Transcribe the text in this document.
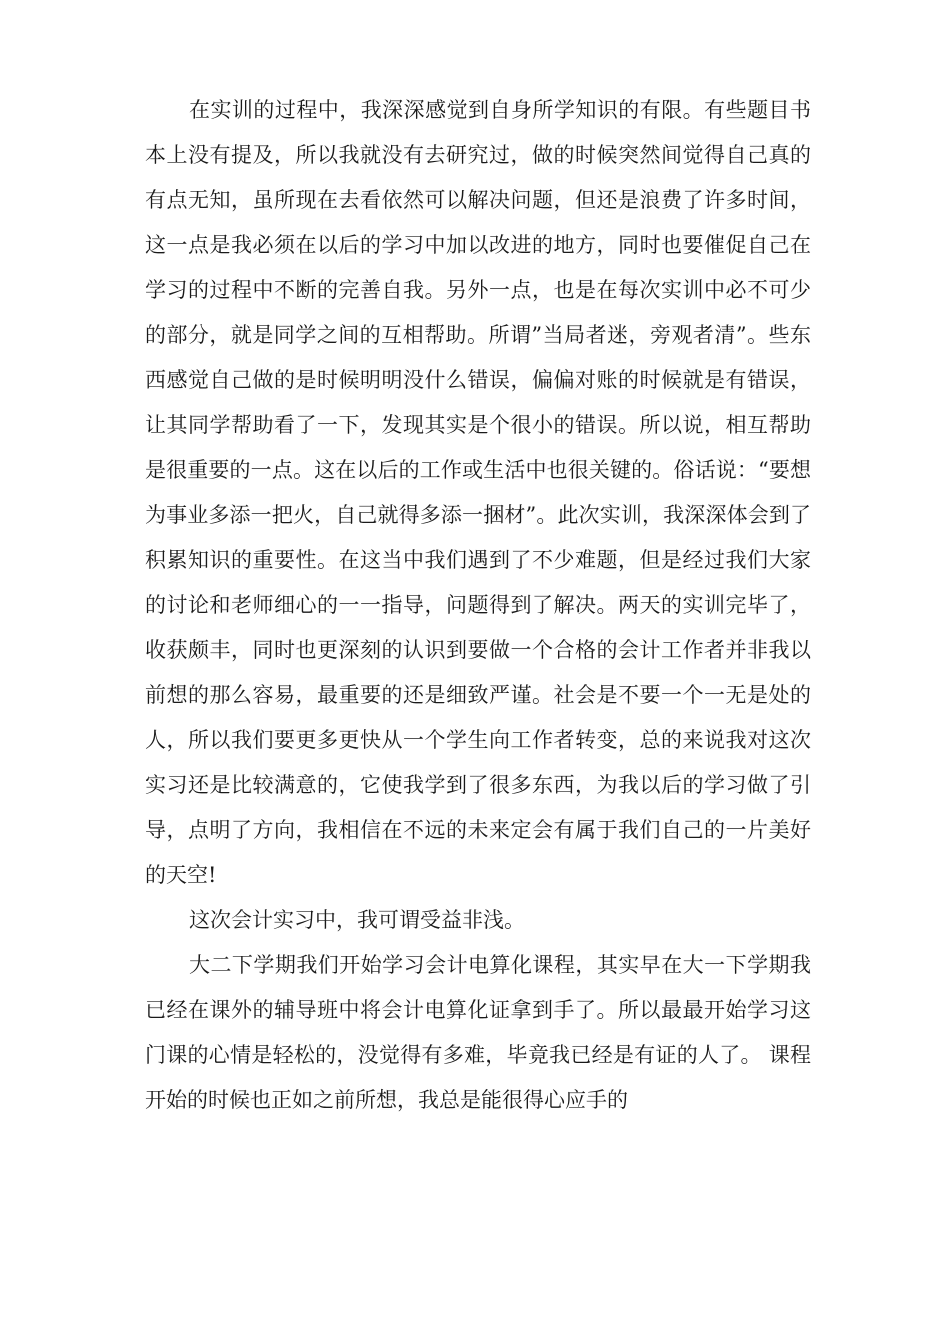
在实训的过程中，我深深感觉到自身所学知识的有限。有些题目书本上没有提及，所以我就没有去研究过，做的时候突然间觉得自己真的有点无知，虽所现在去看依然可以解决问题，但还是浪费了许多时间，这一点是我必须在以后的学习中加以改进的地方，同时也要催促自己在学习的过程中不断的完善自我。另外一点，也是在每次实训中必不可少的部分，就是同学之间的互相帮助。所谓”当局者迷，旁观者清”。些东西感觉自己做的是时候明明没什么错误，偏偏对账的时候就是有错误，让其同学帮助看了一下，发现其实是个很小的错误。所以说，相互帮助是很重要的一点。这在以后的工作或生活中也很关键的。俗话说：“要想为事业多添一把火，自己就得多添一捆材”。此次实训，我深深体会到了积累知识的重要性。在这当中我们遇到了不少难题，但是经过我们大家的讨论和老师细心的一一指导，问题得到了解决。两天的实训完毕了，收获颇丰，同时也更深刻的认识到要做一个合格的会计工作者并非我以前想的那么容易，最重要的还是细致严谨。社会是不要一个一无是处的人，所以我们要更多更快从一个学生向工作者转变，总的来说我对这次实习还是比较满意的，它使我学到了很多东西，为我以后的学习做了引导，点明了方向，我相信在不远的未来定会有属于我们自己的一片美好的天空!

这次会计实习中，我可谓受益非浅。

大二下学期我们开始学习会计电算化课程，其实早在大一下学期我已经在课外的辅导班中将会计电算化证拿到手了。所以最最开始学习这门课的心情是轻松的，没觉得有多难，毕竟我已经是有证的人了。 课程开始的时候也正如之前所想，我总是能很得心应手的
